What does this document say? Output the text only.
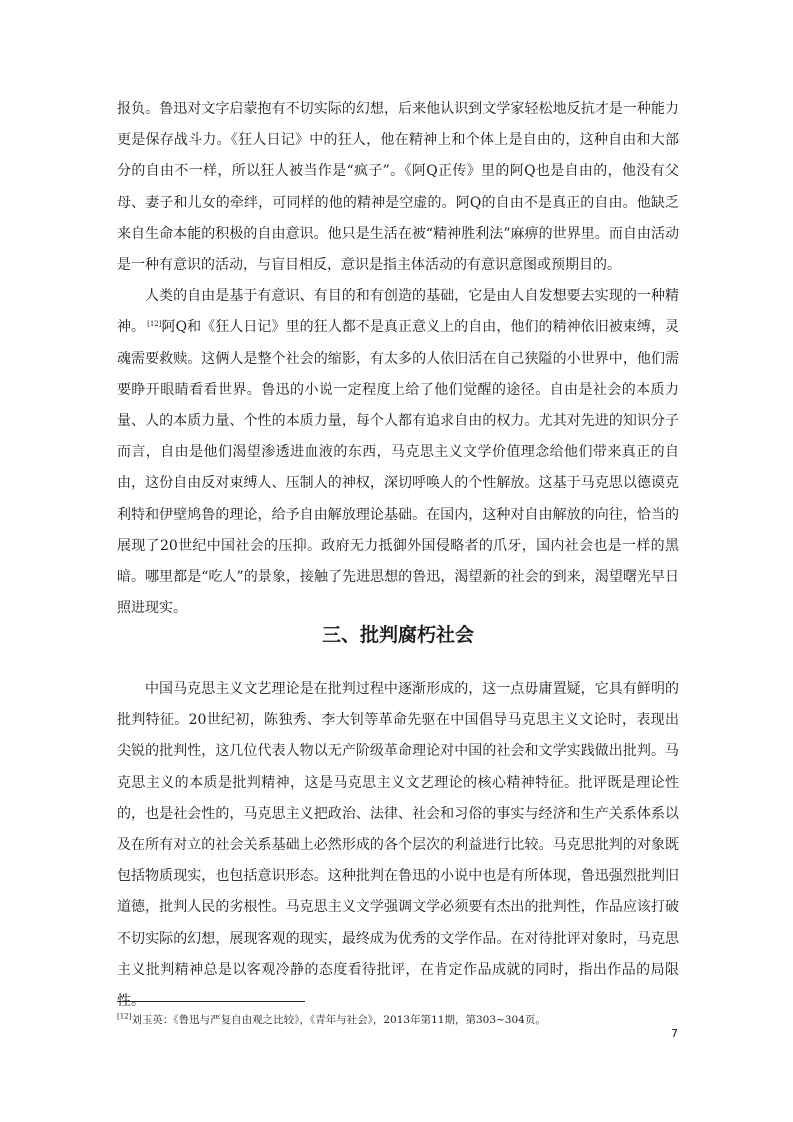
报负。鲁迅对文字启蒙抱有不切实际的幻想，后来他认识到文学家轻松地反抗才是一种能力更是保存战斗力。《狂人日记》中的狂人，他在精神上和个体上是自由的，这种自由和大部分的自由不一样，所以狂人被当作是“疯子”。《阿Q正传》里的阿Q也是自由的，他没有父母、妻子和儿女的牵绊，可同样的他的精神是空虚的。阿Q的自由不是真正的自由。他缺乏来自生命本能的积极的自由意识。他只是生活在被“精神胜利法”麻痹的世界里。而自由活动是一种有意识的活动，与盲目相反，意识是指主体活动的有意识意图或预期目的。

人类的自由是基于有意识、有目的和有创造的基础，它是由人自发想要去实现的一种精神。 [12]阿Q和《狂人日记》里的狂人都不是真正意义上的自由，他们的精神依旧被束缚，灵魂需要救赎。这俩人是整个社会的缩影，有太多的人依旧活在自己狭隘的小世界中，他们需要睁开眼睛看看世界。鲁迅的小说一定程度上给了他们觉醒的途径。自由是社会的本质力量、人的本质力量、个性的本质力量，每个人都有追求自由的权力。尤其对先进的知识分子而言，自由是他们渴望渗透进血液的东西，马克思主义文学价值理念给他们带来真正的自由，这份自由反对束缚人、压制人的神权，深切呼唤人的个性解放。这基于马克思以德谟克利特和伊壁鸠鲁的理论，给予自由解放理论基础。在国内，这种对自由解放的向往，恰当的展现了20世纪中国社会的压抑。政府无力抵御外国侵略者的爪牙，国内社会也是一样的黑暗。哪里都是“吃人”的景象，接触了先进思想的鲁迅，渴望新的社会的到来，渴望曙光早日照进现实。

三、批判腐朽社会

中国马克思主义文艺理论是在批判过程中逐渐形成的，这一点毋庸置疑，它具有鲜明的批判特征。20世纪初，陈独秀、李大钊等革命先驱在中国倡导马克思主义文论时，表现出尖锐的批判性，这几位代表人物以无产阶级革命理论对中国的社会和文学实践做出批判。马克思主义的本质是批判精神，这是马克思主义文艺理论的核心精神特征。批评既是理论性的，也是社会性的，马克思主义把政治、法律、社会和习俗的事实与经济和生产关系体系以及在所有对立的社会关系基础上必然形成的各个层次的利益进行比较。马克思批判的对象既包括物质现实，也包括意识形态。这种批判在鲁迅的小说中也是有所体现，鲁迅强烈批判旧道德，批判人民的劣根性。马克思主义文学强调文学必须要有杰出的批判性，作品应该打破不切实际的幻想，展现客观的现实，最终成为优秀的文学作品。在对待批评对象时，马克思主义批判精神总是以客观冷静的态度看待批评，在肯定作品成就的同时，指出作品的局限性。

[12]刘玉英：《鲁迅与严复自由观之比较》，《青年与社会》，2013年第11期，第303~304页。

7
